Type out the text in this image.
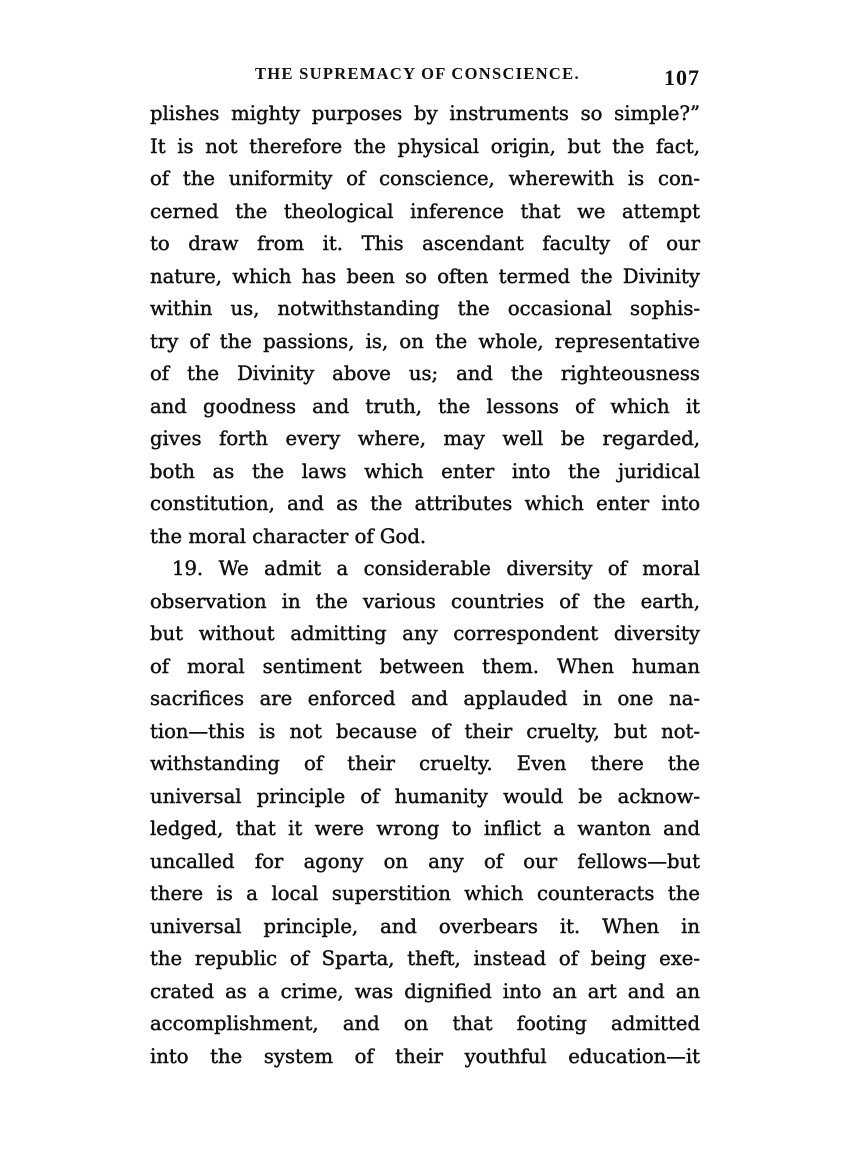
THE SUPREMACY OF CONSCIENCE.	107
plishes mighty purposes by instruments so simple?”
It is not therefore the physical origin, but the fact,
of the uniformity of conscience, wherewith is con-
cerned the theological inference that we attempt
to draw from it. This ascendant faculty of our
nature, which has been so often termed the Divinity
within us, notwithstanding the occasional sophis-
try of the passions, is, on the whole, representative
of the Divinity above us; and the righteousness
and goodness and truth, the lessons of which it
gives forth every where, may well be regarded,
both as the laws which enter into the juridical
constitution, and as the attributes which enter into
the moral character of God.
19. We admit a considerable diversity of moral
observation in the various countries of the earth,
but without admitting any correspondent diversity
of moral sentiment between them. When human
sacrifices are enforced and applauded in one na-
tion—this is not because of their cruelty, but not-
withstanding of their cruelty. Even there the
universal principle of humanity would be acknow-
ledged, that it were wrong to inflict a wanton and
uncalled for agony on any of our fellows—but
there is a local superstition which counteracts the
universal principle, and overbears it. When in
the republic of Sparta, theft, instead of being exe-
crated as a crime, was dignified into an art and an
accomplishment, and on that footing admitted
into the system of their youthful education—it
